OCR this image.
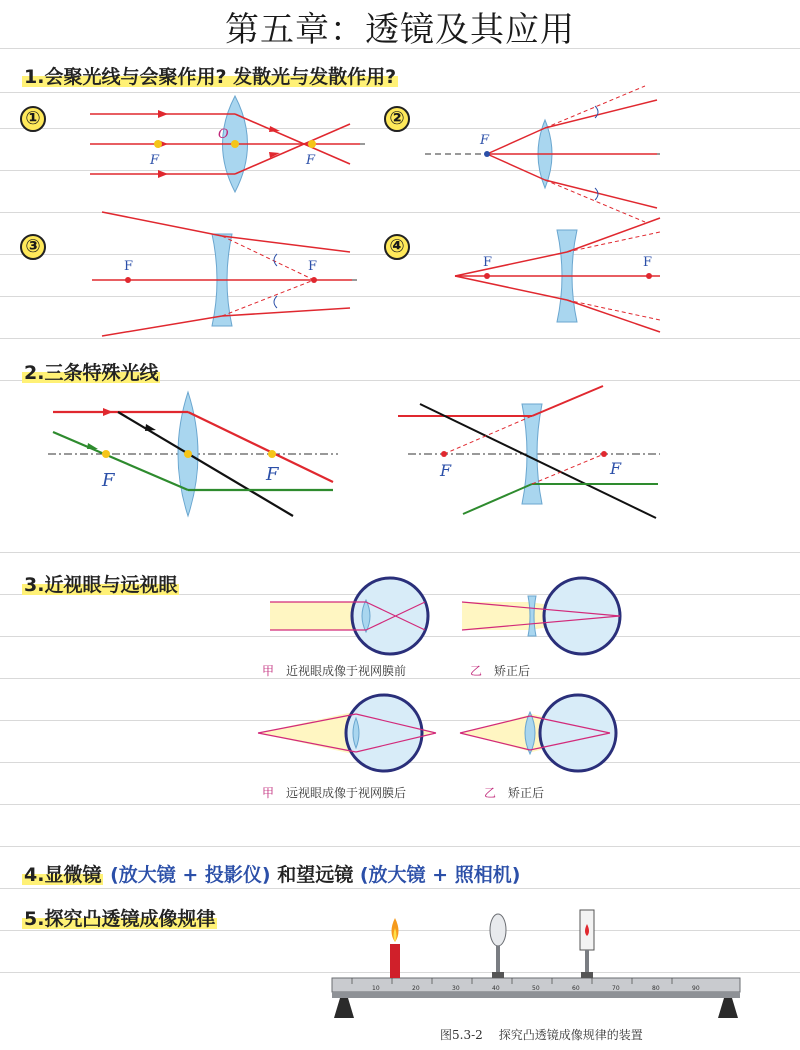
第五章：透镜及其应用
1.会聚光线与会聚作用? 发散光与发散作用?
①	②
③	④
F
O
F
F
F	F	F	F
2.三条特殊光线
F	F	F	F
3.近视眼与远视眼
甲 近视眼成像于视网膜前	乙 矫正后
甲 远视眼成像于视网膜后	乙 矫正后
4.显微镜 (放大镜 + 投影仪) 和望远镜 (放大镜 + 照相机)
5.探究凸透镜成像规律
10	20	30	40	50	60	70	80	90
图5.3-2 探究凸透镜成像规律的装置
